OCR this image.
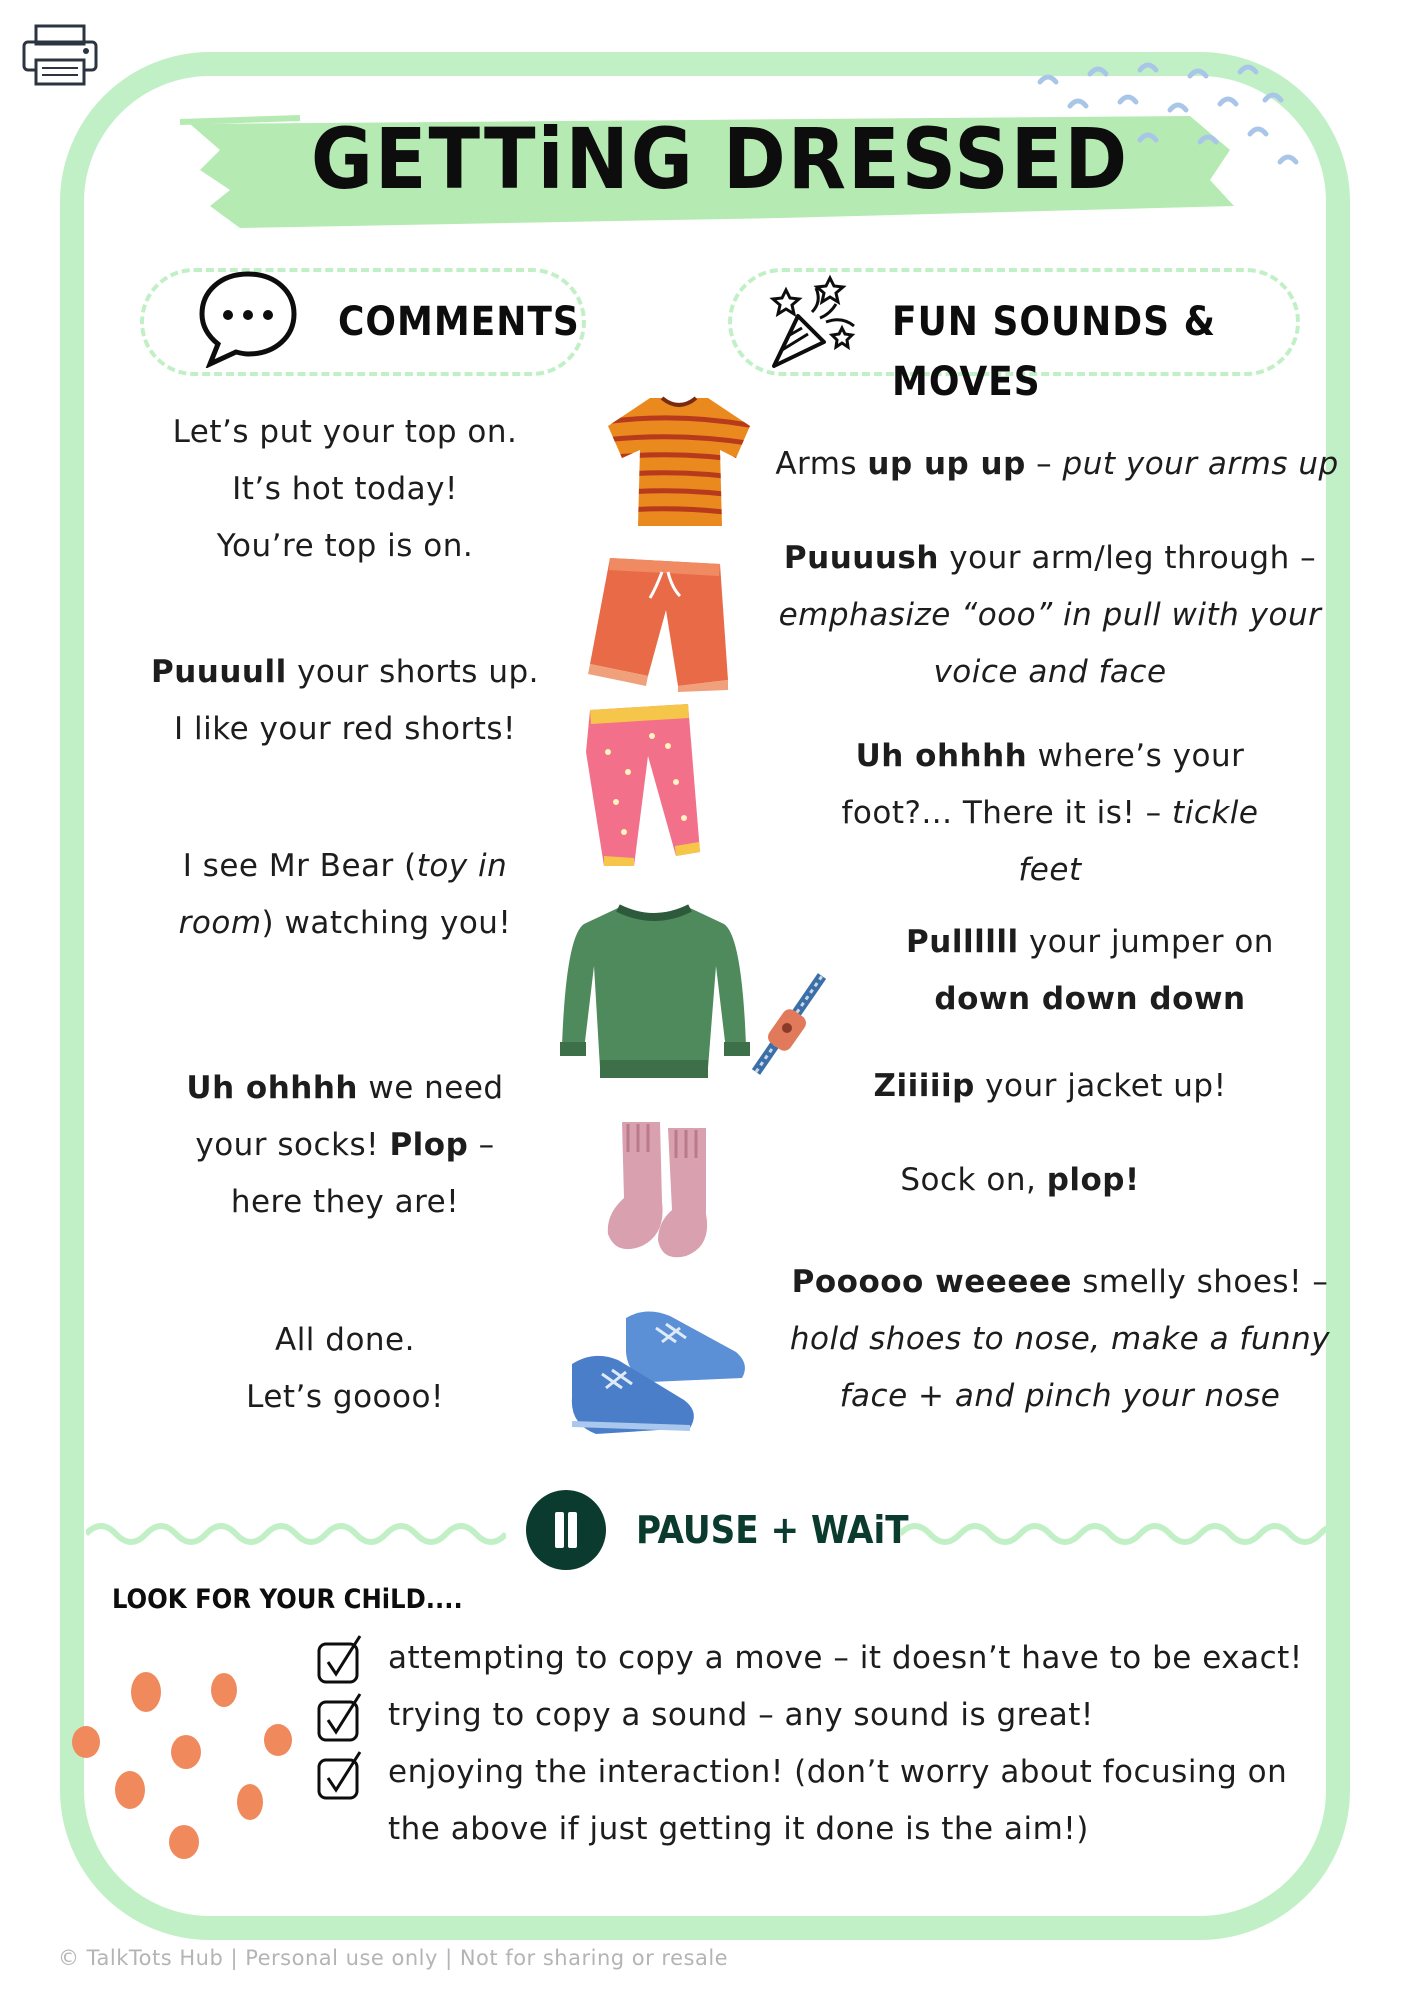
GETTiNG DRESSED
COMMENTS	FUN SOUNDS & MOVES
Let’s put your top on.
It’s hot today!
You’re top is on.
Puuuull your shorts up.
I like your red shorts!
I see Mr Bear (toy in
room) watching you!
Uh ohhhh we need
your socks! Plop –
here they are!
All done.
Let’s goooo!
Arms up up up – put your arms up
Puuuush your arm/leg through –
emphasize “ooo” in pull with your
voice and face
Uh ohhhh where’s your
foot?... There it is! – tickle
feet
Pullllll your jumper on
down down down
Ziiiiip your jacket up!
Sock on, plop!
Pooooo weeeee smelly shoes! –
hold shoes to nose, make a funny
face + and pinch your nose
PAUSE + WAiT
LOOK FOR YOUR CHiLD....
attempting to copy a move – it doesn’t have to be exact!
trying to copy a sound – any sound is great!
enjoying the interaction! (don’t worry about focusing on
the above if just getting it done is the aim!)
© TalkTots Hub | Personal use only | Not for sharing or resale
